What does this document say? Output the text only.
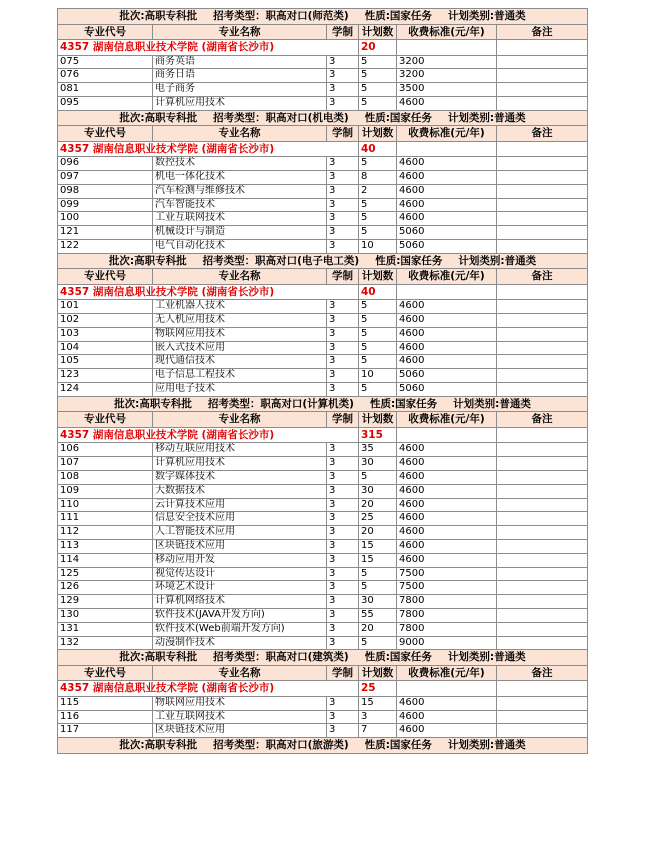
批次:高职专科批 招考类型：职高对口(师范类) 性质:国家任务 计划类别:普通类					
专业代号	专业名称	学制	计划数	收费标准(元/年)	备注
4357 湖南信息职业技术学院 (湖南省长沙市)			20		
075	商务英语	3	5	3200	
076	商务日语	3	5	3200	
081	电子商务	3	5	3500	
095	计算机应用技术	3	5	4600	
批次:高职专科批 招考类型：职高对口(机电类) 性质:国家任务 计划类别:普通类					
专业代号	专业名称	学制	计划数	收费标准(元/年)	备注
4357 湖南信息职业技术学院 (湖南省长沙市)			40		
096	数控技术	3	5	4600	
097	机电一体化技术	3	8	4600	
098	汽车检测与维修技术	3	2	4600	
099	汽车智能技术	3	5	4600	
100	工业互联网技术	3	5	4600	
121	机械设计与制造	3	5	5060	
122	电气自动化技术	3	10	5060	
批次:高职专科批 招考类型：职高对口(电子电工类) 性质:国家任务 计划类别:普通类					
专业代号	专业名称	学制	计划数	收费标准(元/年)	备注
4357 湖南信息职业技术学院 (湖南省长沙市)			40		
101	工业机器人技术	3	5	4600	
102	无人机应用技术	3	5	4600	
103	物联网应用技术	3	5	4600	
104	嵌入式技术应用	3	5	4600	
105	现代通信技术	3	5	4600	
123	电子信息工程技术	3	10	5060	
124	应用电子技术	3	5	5060	
批次:高职专科批 招考类型：职高对口(计算机类) 性质:国家任务 计划类别:普通类					
专业代号	专业名称	学制	计划数	收费标准(元/年)	备注
4357 湖南信息职业技术学院 (湖南省长沙市)			315		
106	移动互联应用技术	3	35	4600	
107	计算机应用技术	3	30	4600	
108	数字媒体技术	3	5	4600	
109	大数据技术	3	30	4600	
110	云计算技术应用	3	20	4600	
111	信息安全技术应用	3	25	4600	
112	人工智能技术应用	3	20	4600	
113	区块链技术应用	3	15	4600	
114	移动应用开发	3	15	4600	
125	视觉传达设计	3	5	7500	
126	环境艺术设计	3	5	7500	
129	计算机网络技术	3	30	7800	
130	软件技术(JAVA开发方向)	3	55	7800	
131	软件技术(Web前端开发方向)	3	20	7800	
132	动漫制作技术	3	5	9000	
批次:高职专科批 招考类型：职高对口(建筑类) 性质:国家任务 计划类别:普通类					
专业代号	专业名称	学制	计划数	收费标准(元/年)	备注
4357 湖南信息职业技术学院 (湖南省长沙市)			25		
115	物联网应用技术	3	15	4600	
116	工业互联网技术	3	3	4600	
117	区块链技术应用	3	7	4600	
批次:高职专科批 招考类型：职高对口(旅游类) 性质:国家任务 计划类别:普通类					
